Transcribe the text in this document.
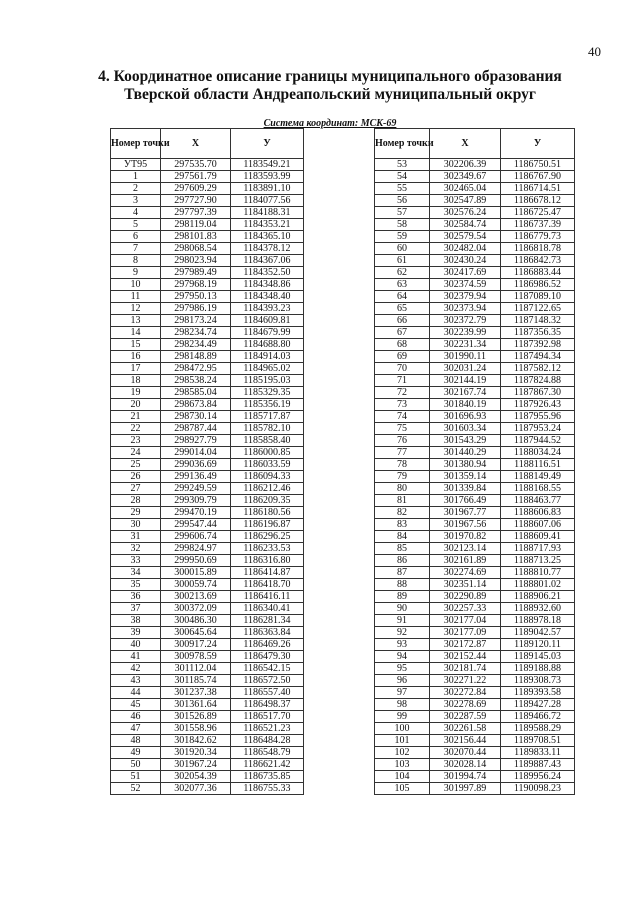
40
4. Координатное описание границы муниципального образования
Тверской области Андреапольский муниципальный округ
Система координат: МСК-69
Номер точки	X	У
УТ95	297535.70	1183549.21
1	297561.79	1183593.99
2	297609.29	1183891.10
3	297727.90	1184077.56
4	297797.39	1184188.31
5	298119.04	1184353.21
6	298101.83	1184365.10
7	298068.54	1184378.12
8	298023.94	1184367.06
9	297989.49	1184352.50
10	297968.19	1184348.86
11	297950.13	1184348.40
12	297986.19	1184393.23
13	298173.24	1184609.81
14	298234.74	1184679.99
15	298234.49	1184688.80
16	298148.89	1184914.03
17	298472.95	1184965.02
18	298538.24	1185195.03
19	298585.04	1185329.35
20	298673.84	1185356.19
21	298730.14	1185717.87
22	298787.44	1185782.10
23	298927.79	1185858.40
24	299014.04	1186000.85
25	299036.69	1186033.59
26	299136.49	1186094.33
27	299249.59	1186212.46
28	299309.79	1186209.35
29	299470.19	1186180.56
30	299547.44	1186196.87
31	299606.74	1186296.25
32	299824.97	1186233.53
33	299950.69	1186316.80
34	300015.89	1186414.87
35	300059.74	1186418.70
36	300213.69	1186416.11
37	300372.09	1186340.41
38	300486.30	1186281.34
39	300645.64	1186363.84
40	300917.24	1186469.26
41	300978.59	1186479.30
42	301112.04	1186542.15
43	301185.74	1186572.50
44	301237.38	1186557.40
45	301361.64	1186498.37
46	301526.89	1186517.70
47	301558.96	1186521.23
48	301842.62	1186484.28
49	301920.34	1186548.79
50	301967.24	1186621.42
51	302054.39	1186735.85
52	302077.36	1186755.33
Номер точки	X	У
53	302206.39	1186750.51
54	302349.67	1186767.90
55	302465.04	1186714.51
56	302547.89	1186678.12
57	302576.24	1186725.47
58	302584.74	1186737.39
59	302579.54	1186779.73
60	302482.04	1186818.78
61	302430.24	1186842.73
62	302417.69	1186883.44
63	302374.59	1186986.52
64	302379.94	1187089.10
65	302373.94	1187122.65
66	302372.79	1187148.32
67	302239.99	1187356.35
68	302231.34	1187392.98
69	301990.11	1187494.34
70	302031.24	1187582.12
71	302144.19	1187824.88
72	302167.74	1187867.30
73	301840.19	1187926.43
74	301696.93	1187955.96
75	301603.34	1187953.24
76	301543.29	1187944.52
77	301440.29	1188034.24
78	301380.94	1188116.51
79	301359.14	1188149.49
80	301339.84	1188168.55
81	301766.49	1188463.77
82	301967.77	1188606.83
83	301967.56	1188607.06
84	301970.82	1188609.41
85	302123.14	1188717.93
86	302161.89	1188713.25
87	302274.69	1188810.77
88	302351.14	1188801.02
89	302290.89	1188906.21
90	302257.33	1188932.60
91	302177.04	1188978.18
92	302177.09	1189042.57
93	302172.87	1189120.11
94	302152.44	1189145.03
95	302181.74	1189188.88
96	302271.22	1189308.73
97	302272.84	1189393.58
98	302278.69	1189427.28
99	302287.59	1189466.72
100	302261.58	1189588.29
101	302156.44	1189708.51
102	302070.44	1189833.11
103	302028.14	1189887.43
104	301994.74	1189956.24
105	301997.89	1190098.23
